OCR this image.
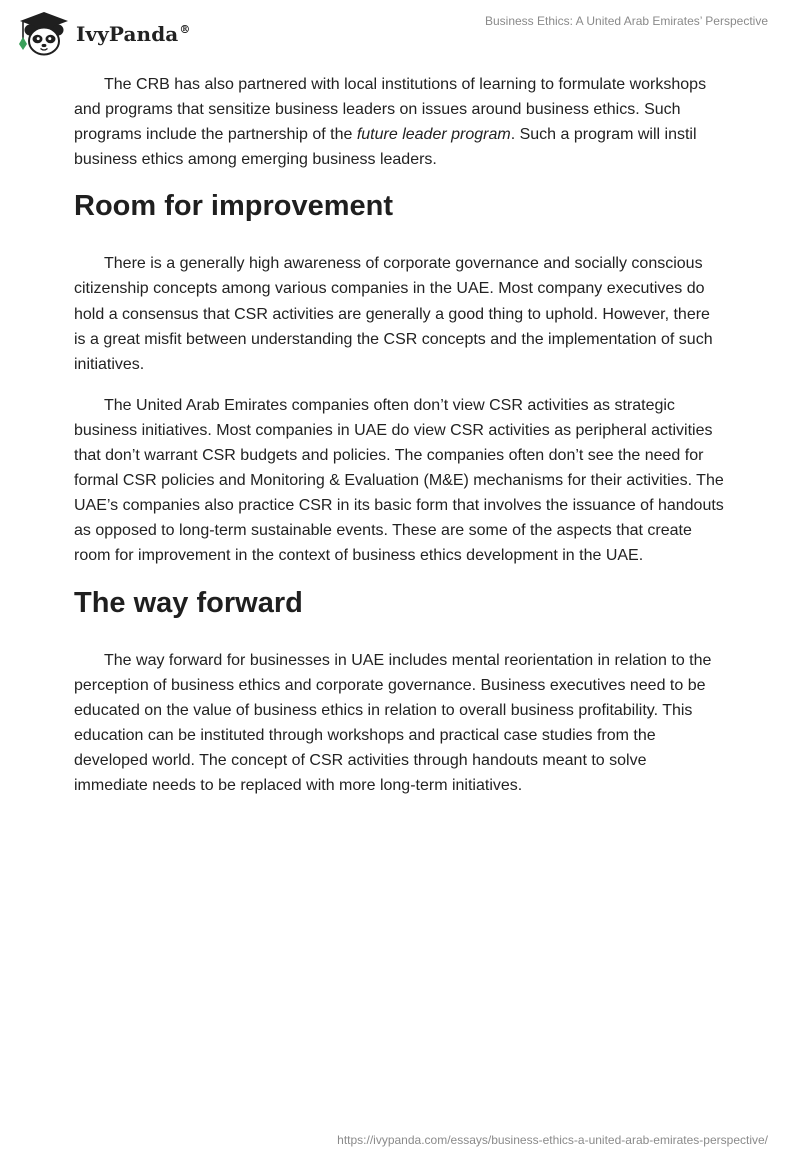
IvyPanda®
Business Ethics: A United Arab Emirates’ Perspective

The CRB has also partnered with local institutions of learning to formulate workshops and programs that sensitize business leaders on issues around business ethics. Such programs include the partnership of the future leader program. Such a program will instil business ethics among emerging business leaders.

Room for improvement

There is a generally high awareness of corporate governance and socially conscious citizenship concepts among various companies in the UAE. Most company executives do hold a consensus that CSR activities are generally a good thing to uphold. However, there is a great misfit between understanding the CSR concepts and the implementation of such initiatives.

The United Arab Emirates companies often don’t view CSR activities as strategic business initiatives. Most companies in UAE do view CSR activities as peripheral activities that don’t warrant CSR budgets and policies. The companies often don’t see the need for formal CSR policies and Monitoring & Evaluation (M&E) mechanisms for their activities. The UAE’s companies also practice CSR in its basic form that involves the issuance of handouts as opposed to long-term sustainable events. These are some of the aspects that create room for improvement in the context of business ethics development in the UAE.

The way forward

The way forward for businesses in UAE includes mental reorientation in relation to the perception of business ethics and corporate governance. Business executives need to be educated on the value of business ethics in relation to overall business profitability. This education can be instituted through workshops and practical case studies from the developed world. The concept of CSR activities through handouts meant to solve immediate needs to be replaced with more long-term initiatives.

https://ivypanda.com/essays/business-ethics-a-united-arab-emirates-perspective/
